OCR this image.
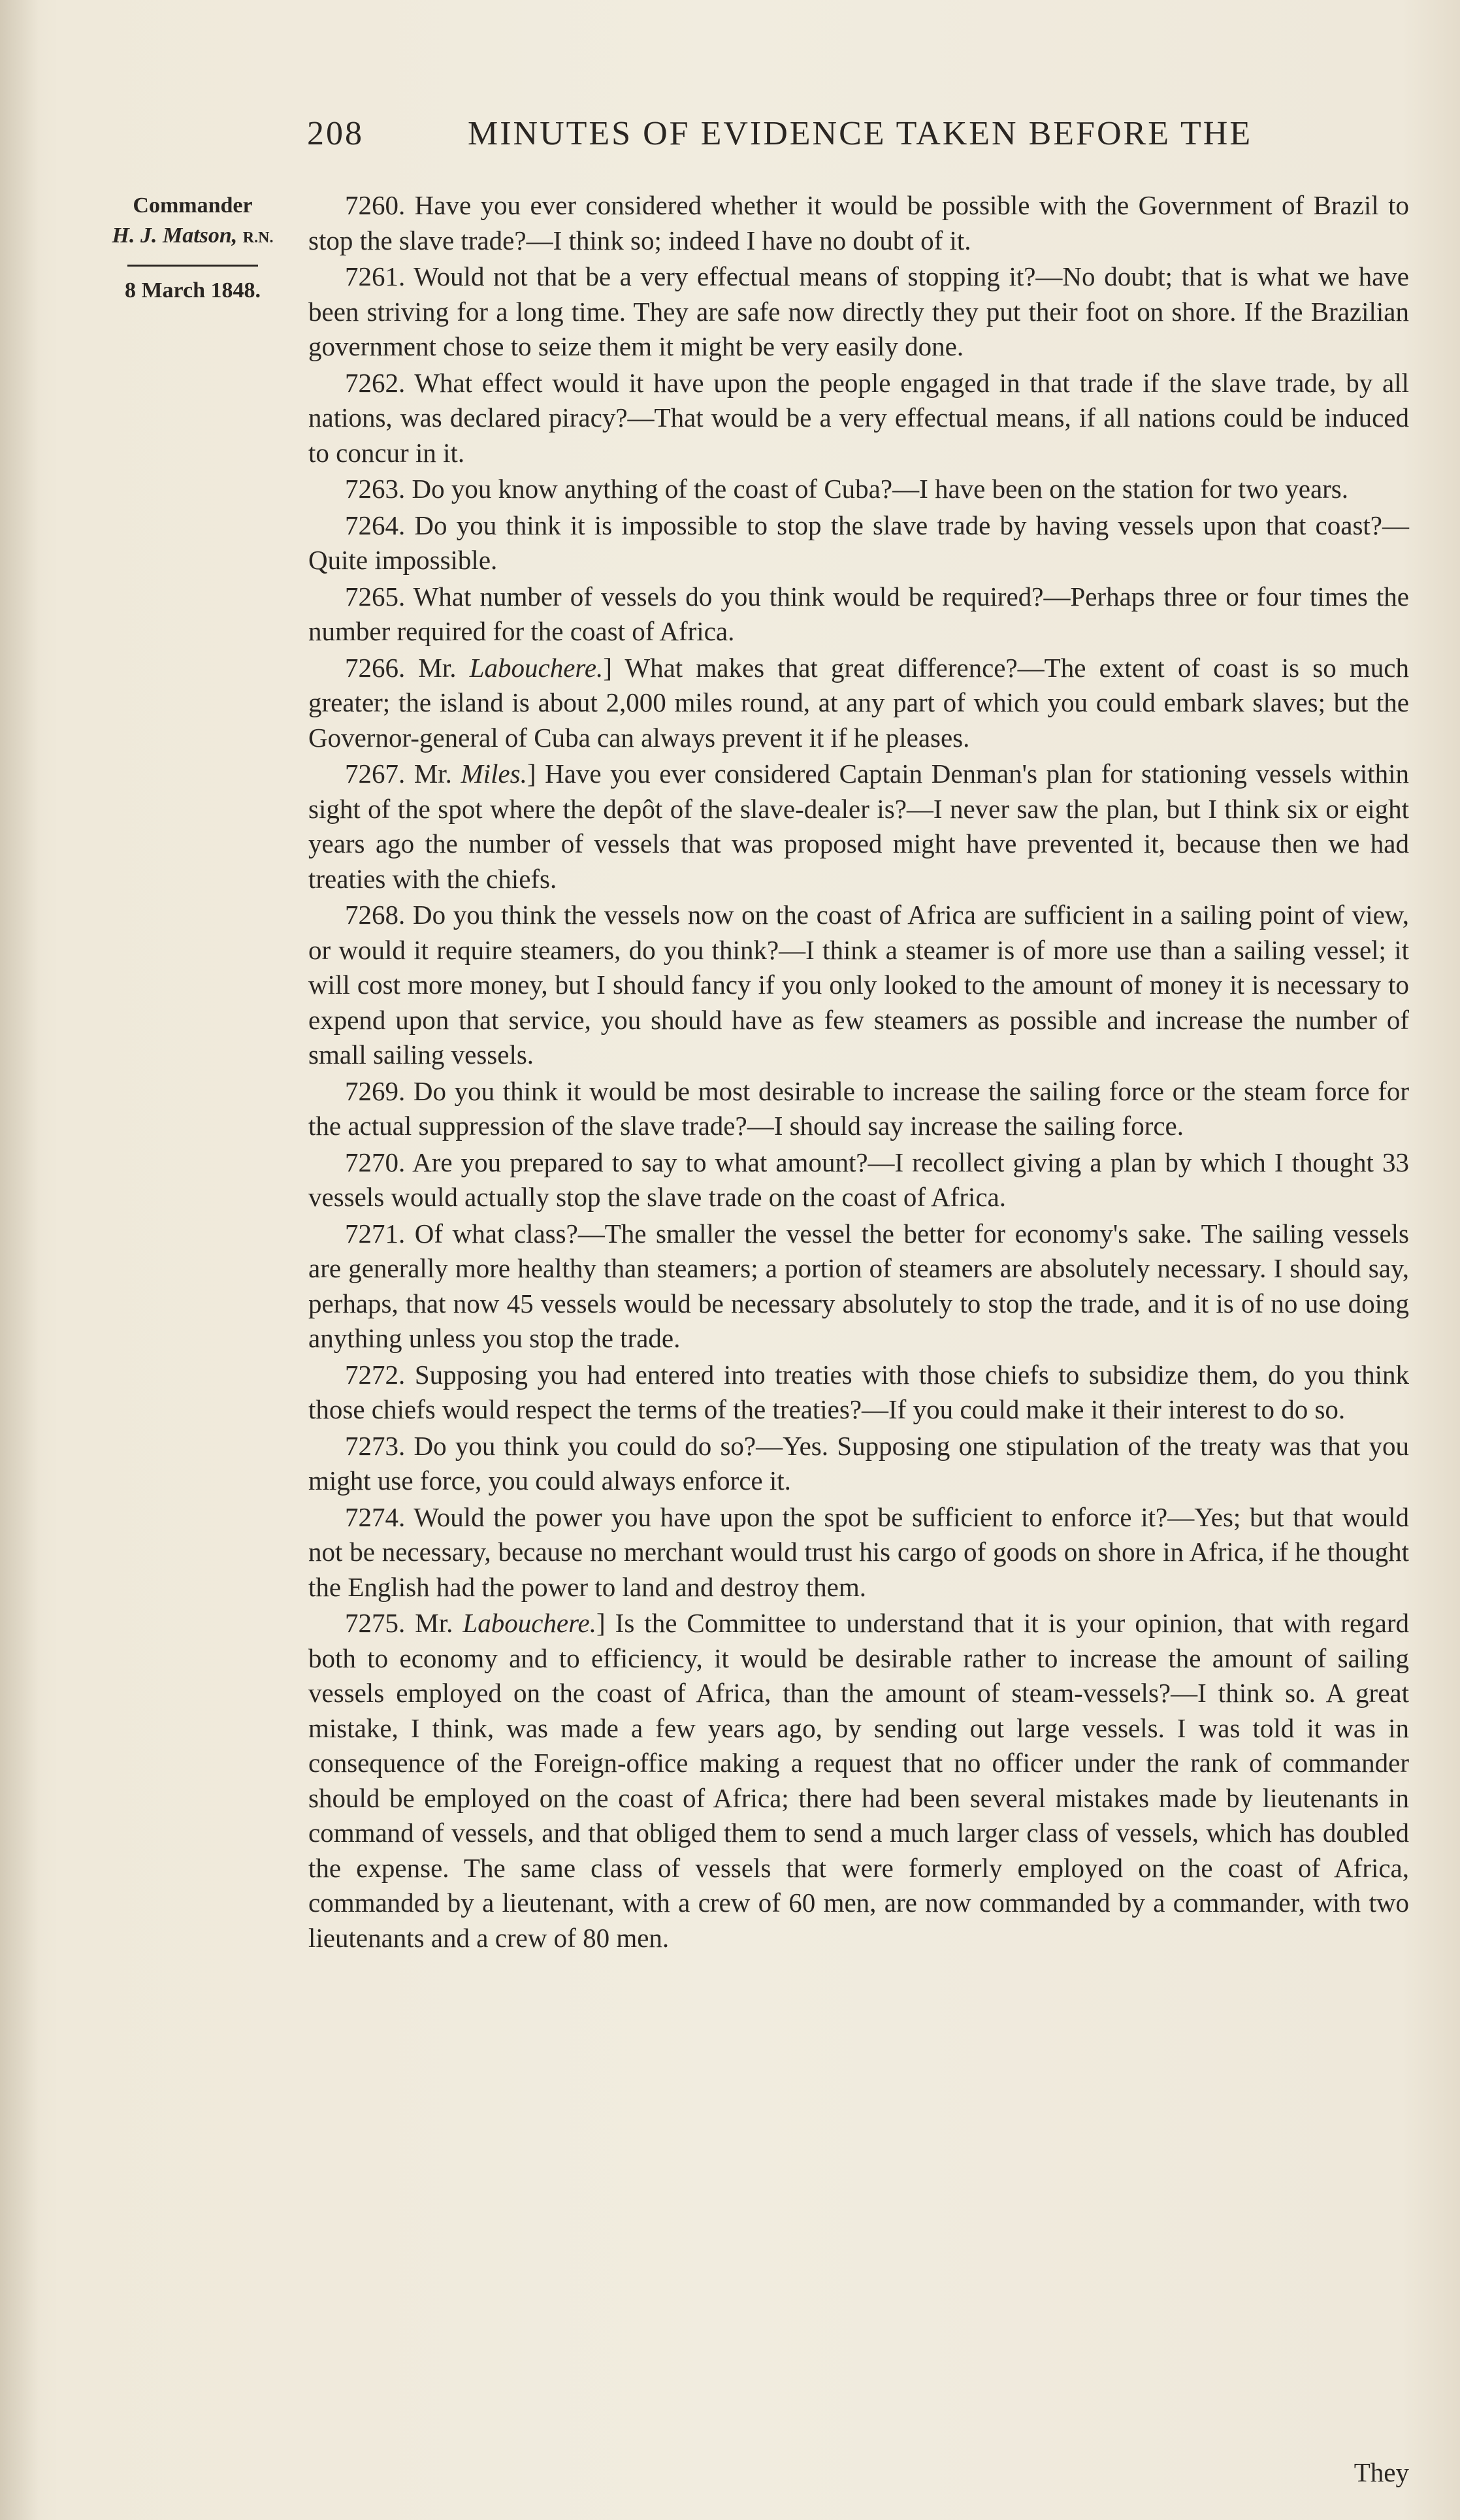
208	MINUTES OF EVIDENCE TAKEN BEFORE THE
Commander
H. J. Matson, R.N.
8 March 1848.

7260. Have you ever considered whether it would be possible with the Government of Brazil to stop the slave trade?—I think so; indeed I have no doubt of it.

7261. Would not that be a very effectual means of stopping it?—No doubt; that is what we have been striving for a long time. They are safe now directly they put their foot on shore. If the Brazilian government chose to seize them it might be very easily done.

7262. What effect would it have upon the people engaged in that trade if the slave trade, by all nations, was declared piracy?—That would be a very effectual means, if all nations could be induced to concur in it.

7263. Do you know anything of the coast of Cuba?—I have been on the station for two years.

7264. Do you think it is impossible to stop the slave trade by having vessels upon that coast?—Quite impossible.

7265. What number of vessels do you think would be required?—Perhaps three or four times the number required for the coast of Africa.

7266. Mr. Labouchere.] What makes that great difference?—The extent of coast is so much greater; the island is about 2,000 miles round, at any part of which you could embark slaves; but the Governor-general of Cuba can always prevent it if he pleases.

7267. Mr. Miles.] Have you ever considered Captain Denman's plan for stationing vessels within sight of the spot where the depôt of the slave-dealer is?—I never saw the plan, but I think six or eight years ago the number of vessels that was proposed might have prevented it, because then we had treaties with the chiefs.

7268. Do you think the vessels now on the coast of Africa are sufficient in a sailing point of view, or would it require steamers, do you think?—I think a steamer is of more use than a sailing vessel; it will cost more money, but I should fancy if you only looked to the amount of money it is necessary to expend upon that service, you should have as few steamers as possible and increase the number of small sailing vessels.

7269. Do you think it would be most desirable to increase the sailing force or the steam force for the actual suppression of the slave trade?—I should say increase the sailing force.

7270. Are you prepared to say to what amount?—I recollect giving a plan by which I thought 33 vessels would actually stop the slave trade on the coast of Africa.

7271. Of what class?—The smaller the vessel the better for economy's sake. The sailing vessels are generally more healthy than steamers; a portion of steamers are absolutely necessary. I should say, perhaps, that now 45 vessels would be necessary absolutely to stop the trade, and it is of no use doing anything unless you stop the trade.

7272. Supposing you had entered into treaties with those chiefs to subsidize them, do you think those chiefs would respect the terms of the treaties?—If you could make it their interest to do so.

7273. Do you think you could do so?—Yes. Supposing one stipulation of the treaty was that you might use force, you could always enforce it.

7274. Would the power you have upon the spot be sufficient to enforce it?—Yes; but that would not be necessary, because no merchant would trust his cargo of goods on shore in Africa, if he thought the English had the power to land and destroy them.

7275. Mr. Labouchere.] Is the Committee to understand that it is your opinion, that with regard both to economy and to efficiency, it would be desirable rather to increase the amount of sailing vessels employed on the coast of Africa, than the amount of steam-vessels?—I think so. A great mistake, I think, was made a few years ago, by sending out large vessels. I was told it was in consequence of the Foreign-office making a request that no officer under the rank of commander should be employed on the coast of Africa; there had been several mistakes made by lieutenants in command of vessels, and that obliged them to send a much larger class of vessels, which has doubled the expense. The same class of vessels that were formerly employed on the coast of Africa, commanded by a lieutenant, with a crew of 60 men, are now commanded by a commander, with two lieutenants and a crew of 80 men.

They
